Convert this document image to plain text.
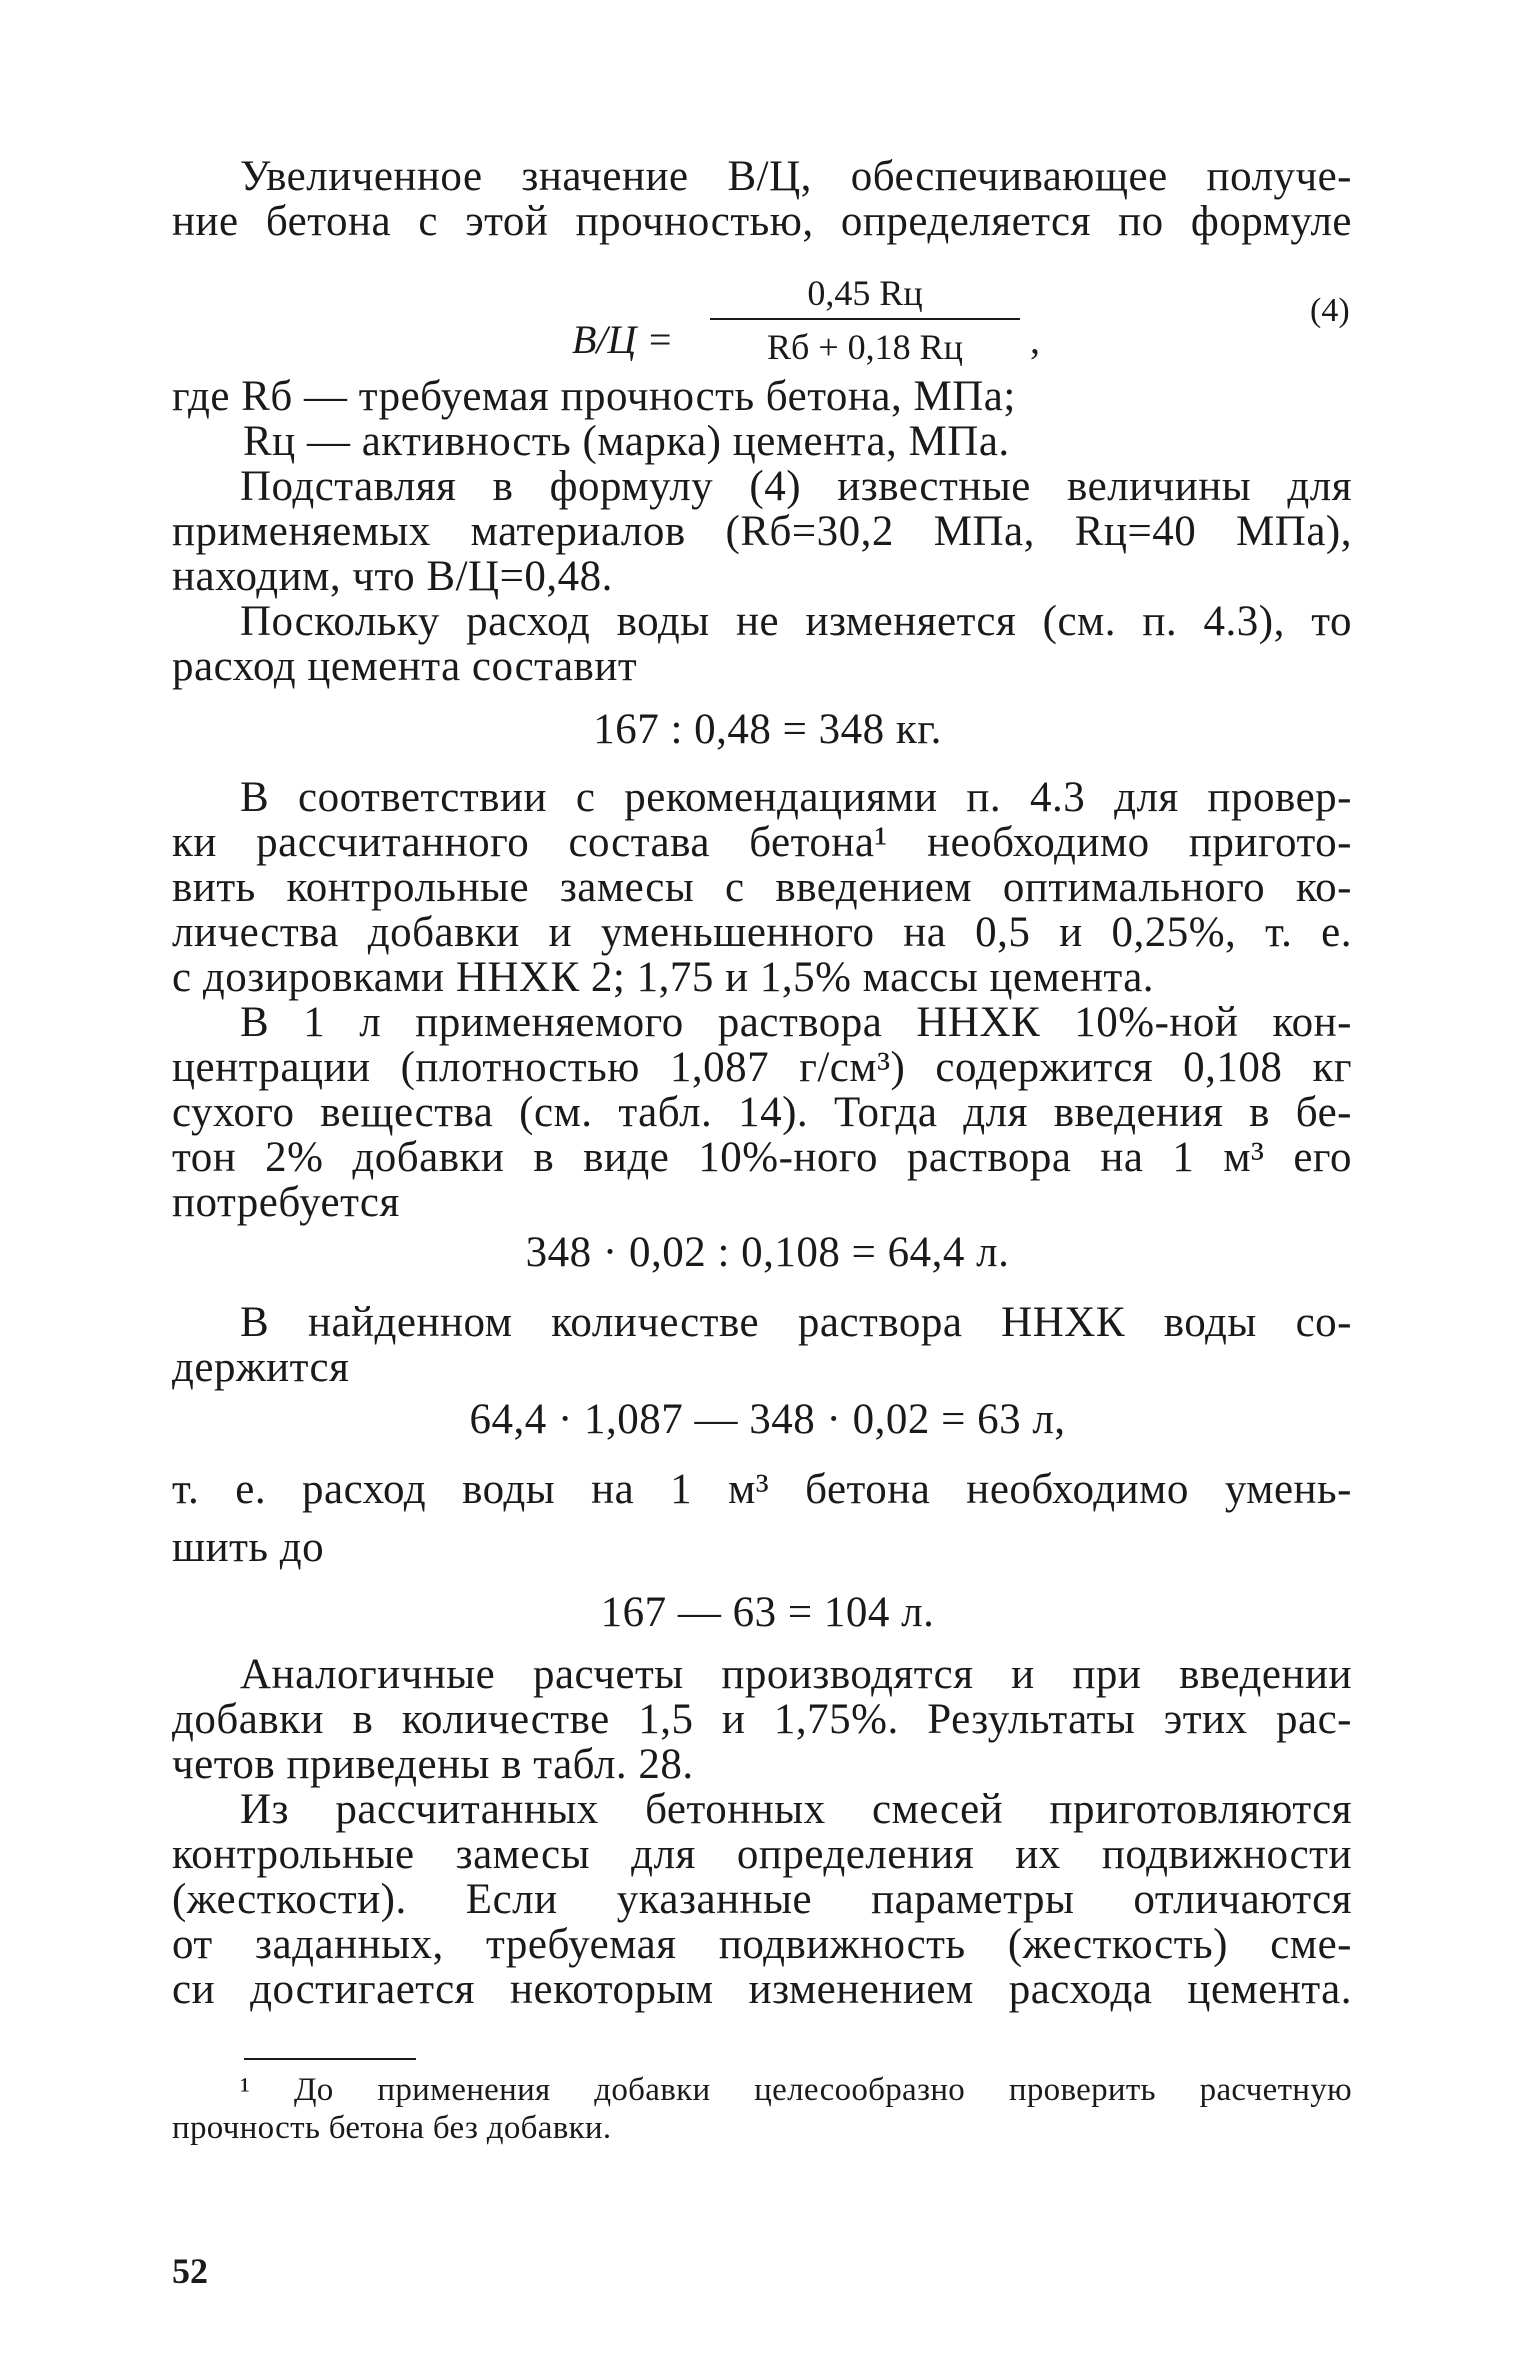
Увеличенное значение В/Ц, обеспечивающее получе-
ние бетона с этой прочностью, определяется по формуле
В/Ц =
0,45 Rц
Rб + 0,18 Rц	,
(4)
где Rб — требуемая прочность бетона, МПа;
Rц — активность (марка) цемента, МПа.
Подставляя в формулу (4) известные величины для
применяемых материалов (Rб=30,2 МПа, Rц=40 МПа),
находим, что В/Ц=0,48.
Поскольку расход воды не изменяется (см. п. 4.3), то
расход цемента составит
167 : 0,48 = 348 кг.
В соответствии с рекомендациями п. 4.3 для провер-
ки рассчитанного состава бетона¹ необходимо пригото-
вить контрольные замесы с введением оптимального ко-
личества добавки и уменьшенного на 0,5 и 0,25%, т. е.
с дозировками ННХК 2; 1,75 и 1,5% массы цемента.
В 1 л применяемого раствора ННХК 10%-ной кон-
центрации (плотностью 1,087 г/см³) содержится 0,108 кг
сухого вещества (см. табл. 14). Тогда для введения в бе-
тон 2% добавки в виде 10%-ного раствора на 1 м³ его
потребуется
348 · 0,02 : 0,108 = 64,4 л.
В найденном количестве раствора ННХК воды со-
держится
64,4 · 1,087 — 348 · 0,02 = 63 л,
т. е. расход воды на 1 м³ бетона необходимо умень-
шить до
167 — 63 = 104 л.
Аналогичные расчеты производятся и при введении
добавки в количестве 1,5 и 1,75%. Результаты этих рас-
четов приведены в табл. 28.
Из рассчитанных бетонных смесей приготовляются
контрольные замесы для определения их подвижности
(жесткости). Если указанные параметры отличаются
от заданных, требуемая подвижность (жесткость) сме-
си достигается некоторым изменением расхода цемента.
¹ До применения добавки целесообразно проверить расчетную
прочность бетона без добавки.
52
